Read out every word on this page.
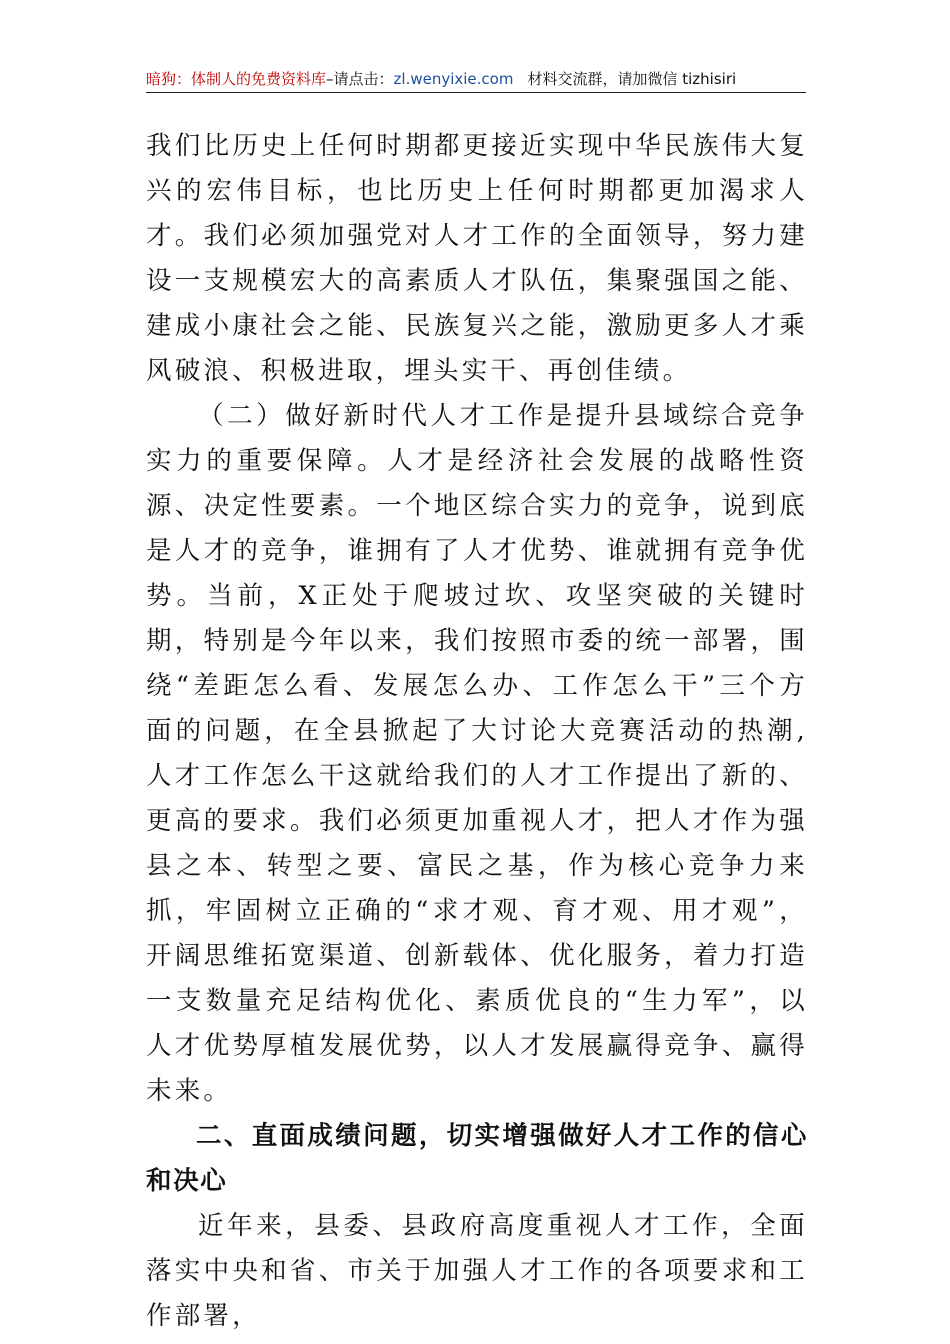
暗狗：体制人的免费资料库–请点击：zl.wenyixie.com 材料交流群，请加微信 tizhisiri

我们比历史上任何时期都更接近实现中华民族伟大复兴的宏伟目标，也比历史上任何时期都更加渴求人才。我们必须加强党对人才工作的全面领导，努力建设一支规模宏大的高素质人才队伍，集聚强国之能、建成小康社会之能、民族复兴之能，激励更多人才乘风破浪、积极进取，埋头实干、再创佳绩。

（二）做好新时代人才工作是提升县域综合竞争实力的重要保障。人才是经济社会发展的战略性资源、决定性要素。一个地区综合实力的竞争，说到底是人才的竞争，谁拥有了人才优势、谁就拥有竞争优势。当前，X正处于爬坡过坎、攻坚突破的关键时期，特别是今年以来，我们按照市委的统一部署，围绕“差距怎么看、发展怎么办、工作怎么干”三个方面的问题，在全县掀起了大讨论大竞赛活动的热潮,人才工作怎么干这就给我们的人才工作提出了新的、更高的要求。我们必须更加重视人才，把人才作为强县之本、转型之要、富民之基，作为核心竞争力来抓，牢固树立正确的“求才观、育才观、用才观”，开阔思维拓宽渠道、创新载体、优化服务，着力打造一支数量充足结构优化、素质优良的“生力军”，以人才优势厚植发展优势，以人才发展赢得竞争、赢得未来。

二、直面成绩问题，切实增强做好人才工作的信心和决心

近年来，县委、县政府高度重视人才工作，全面落实中央和省、市关于加强人才工作的各项要求和工作部署，
